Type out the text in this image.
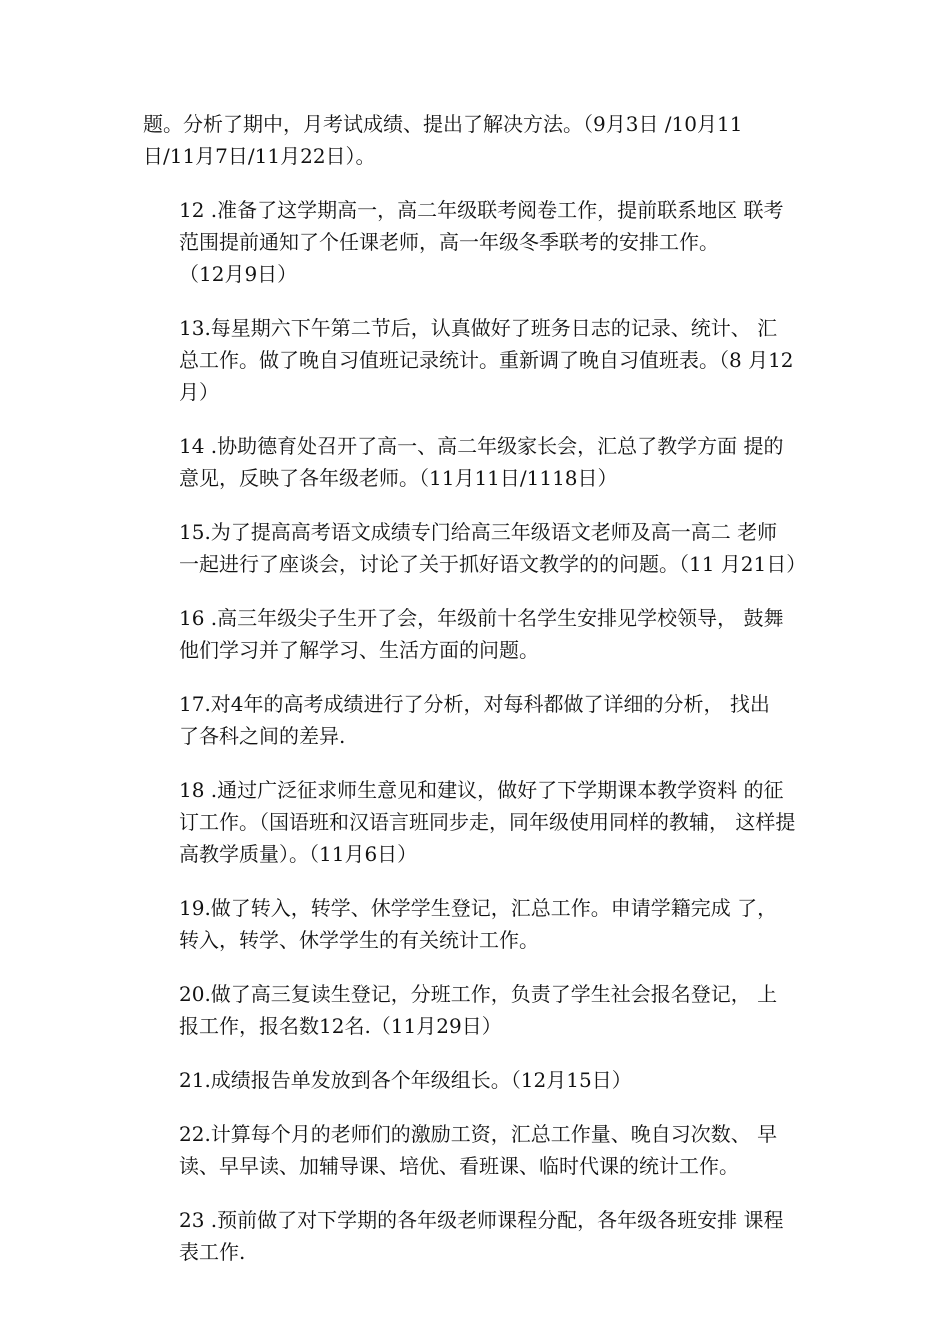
题。分析了期中，月考试成绩、提出了解决方法。（9月3日 /10月11
日/11月7日/11月22日）。

12 .准备了这学期高一，高二年级联考阅卷工作，提前联系地区 联考
范围提前通知了个任课老师，高一年级冬季联考的安排工作。
（12月9日）

13.每星期六下午第二节后，认真做好了班务日志的记录、统计、 汇
总工作。做了晚自习值班记录统计。重新调了晚自习值班表。（8 月12
月）

14 .协助德育处召开了高一、高二年级家长会，汇总了教学方面 提的
意见，反映了各年级老师。（11月11日/1118日）

15.为了提高高考语文成绩专门给高三年级语文老师及高一高二 老师
一起进行了座谈会，讨论了关于抓好语文教学的的问题。（11 月21日）

16 .高三年级尖子生开了会，年级前十名学生安排见学校领导， 鼓舞
他们学习并了解学习、生活方面的问题。

17.对4年的高考成绩进行了分析，对每科都做了详细的分析， 找出
了各科之间的差异.

18 .通过广泛征求师生意见和建议，做好了下学期课本教学资料 的征
订工作。（国语班和汉语言班同步走，同年级使用同样的教辅， 这样提
高教学质量）。（11月6日）

19.做了转入，转学、休学学生登记，汇总工作。申请学籍完成 了，
转入，转学、休学学生的有关统计工作。

20.做了高三复读生登记，分班工作，负责了学生社会报名登记， 上
报工作，报名数12名.（11月29日）

21.成绩报告单发放到各个年级组长。（12月15日）

22.计算每个月的老师们的激励工资，汇总工作量、晚自习次数、 早
读、早早读、加辅导课、培优、看班课、临时代课的统计工作。

23 .预前做了对下学期的各年级老师课程分配，各年级各班安排 课程
表工作.
